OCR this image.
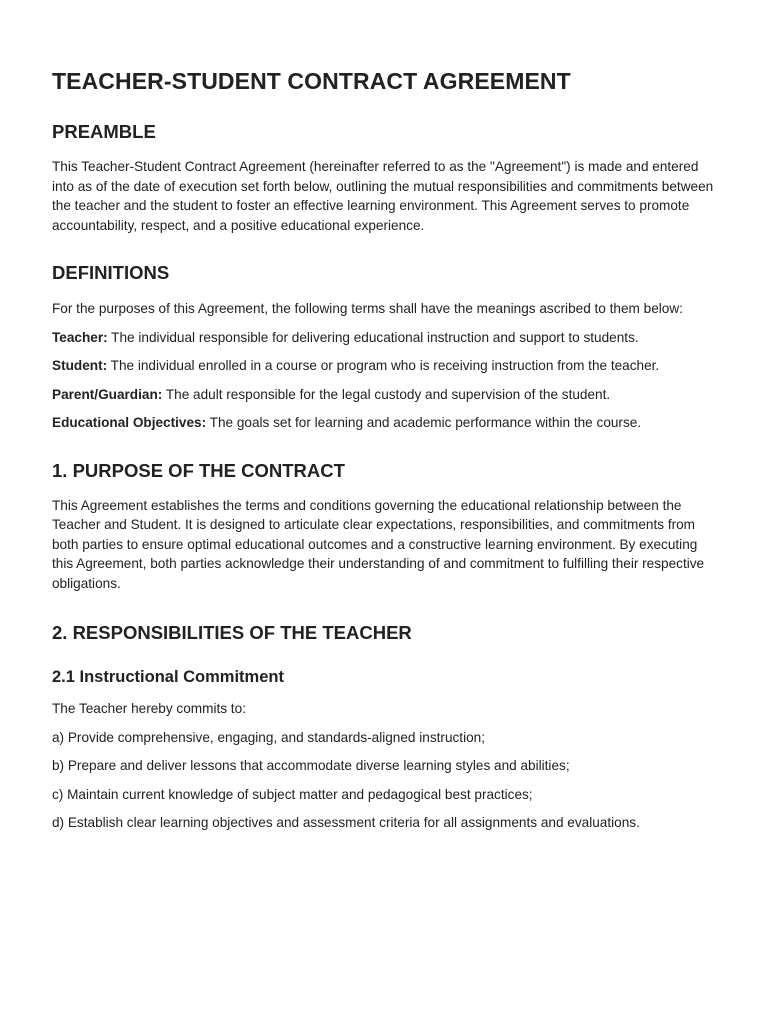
TEACHER-STUDENT CONTRACT AGREEMENT
PREAMBLE

This Teacher-Student Contract Agreement (hereinafter referred to as the "Agreement") is made and entered into as of the date of execution set forth below, outlining the mutual responsibilities and commitments between the teacher and the student to foster an effective learning environment. This Agreement serves to promote accountability, respect, and a positive educational experience.

DEFINITIONS

For the purposes of this Agreement, the following terms shall have the meanings ascribed to them below:

Teacher: The individual responsible for delivering educational instruction and support to students.

Student: The individual enrolled in a course or program who is receiving instruction from the teacher.

Parent/Guardian: The adult responsible for the legal custody and supervision of the student.

Educational Objectives: The goals set for learning and academic performance within the course.

1. PURPOSE OF THE CONTRACT

This Agreement establishes the terms and conditions governing the educational relationship between the Teacher and Student. It is designed to articulate clear expectations, responsibilities, and commitments from both parties to ensure optimal educational outcomes and a constructive learning environment. By executing this Agreement, both parties acknowledge their understanding of and commitment to fulfilling their respective obligations.

2. RESPONSIBILITIES OF THE TEACHER
2.1 Instructional Commitment

The Teacher hereby commits to:

a) Provide comprehensive, engaging, and standards-aligned instruction;

b) Prepare and deliver lessons that accommodate diverse learning styles and abilities;

c) Maintain current knowledge of subject matter and pedagogical best practices;

d) Establish clear learning objectives and assessment criteria for all assignments and evaluations.
